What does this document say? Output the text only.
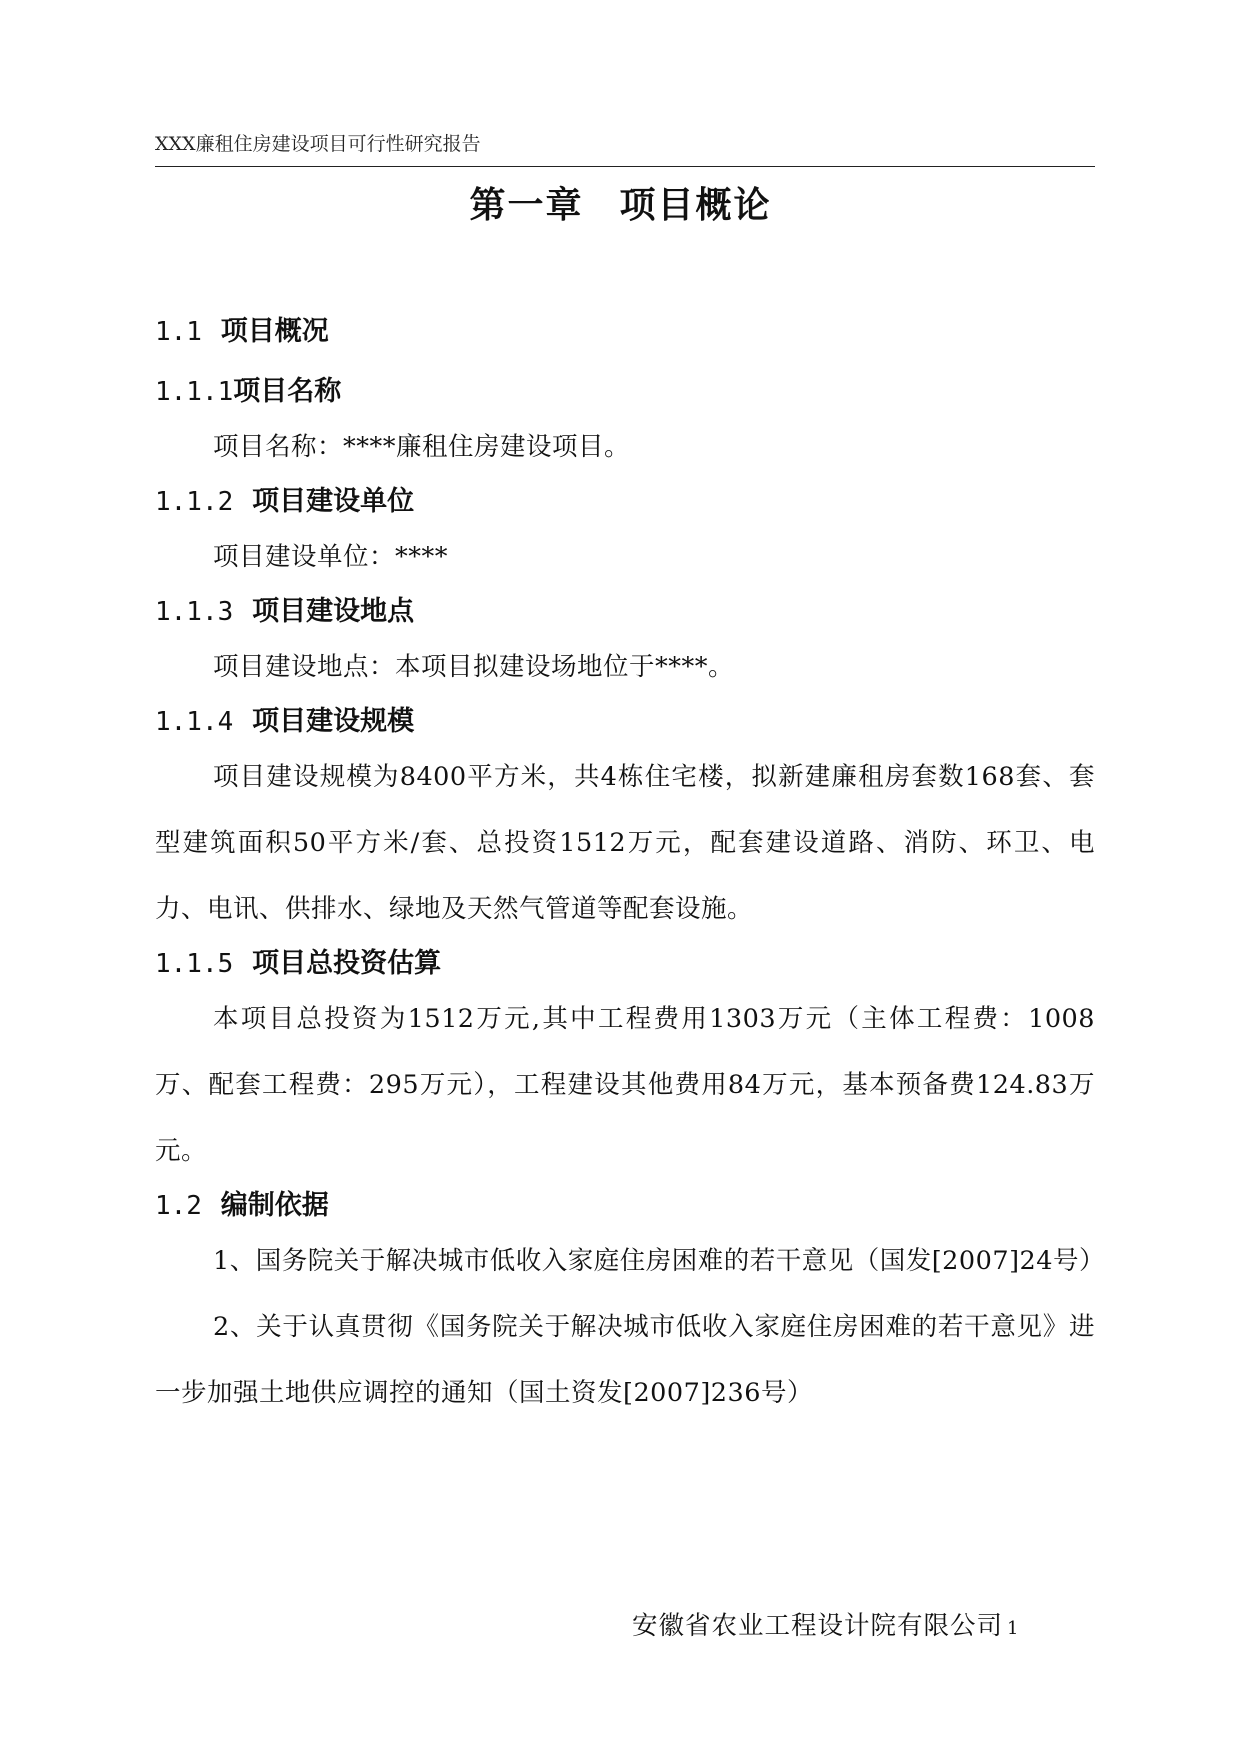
XXX廉租住房建设项目可行性研究报告
第一章 项目概论
1.1 项目概况
1.1.1项目名称

项目名称：****廉租住房建设项目。

1.1.2 项目建设单位

项目建设单位：****

1.1.3 项目建设地点

项目建设地点：本项目拟建设场地位于****。

1.1.4 项目建设规模

项目建设规模为8400平方米，共4栋住宅楼，拟新建廉租房套数168套、套型建筑面积50平方米/套、总投资1512万元，配套建设道路、消防、环卫、电力、电讯、供排水、绿地及天然气管道等配套设施。

1.1.5 项目总投资估算

本项目总投资为1512万元,其中工程费用1303万元（主体工程费：1008万、配套工程费：295万元），工程建设其他费用84万元，基本预备费124.83万元。

1.2 编制依据

1、国务院关于解决城市低收入家庭住房困难的若干意见（国发[2007]24号）

2、关于认真贯彻《国务院关于解决城市低收入家庭住房困难的若干意见》进一步加强土地供应调控的通知（国土资发[2007]236号）

安徽省农业工程设计院有限公司 1
